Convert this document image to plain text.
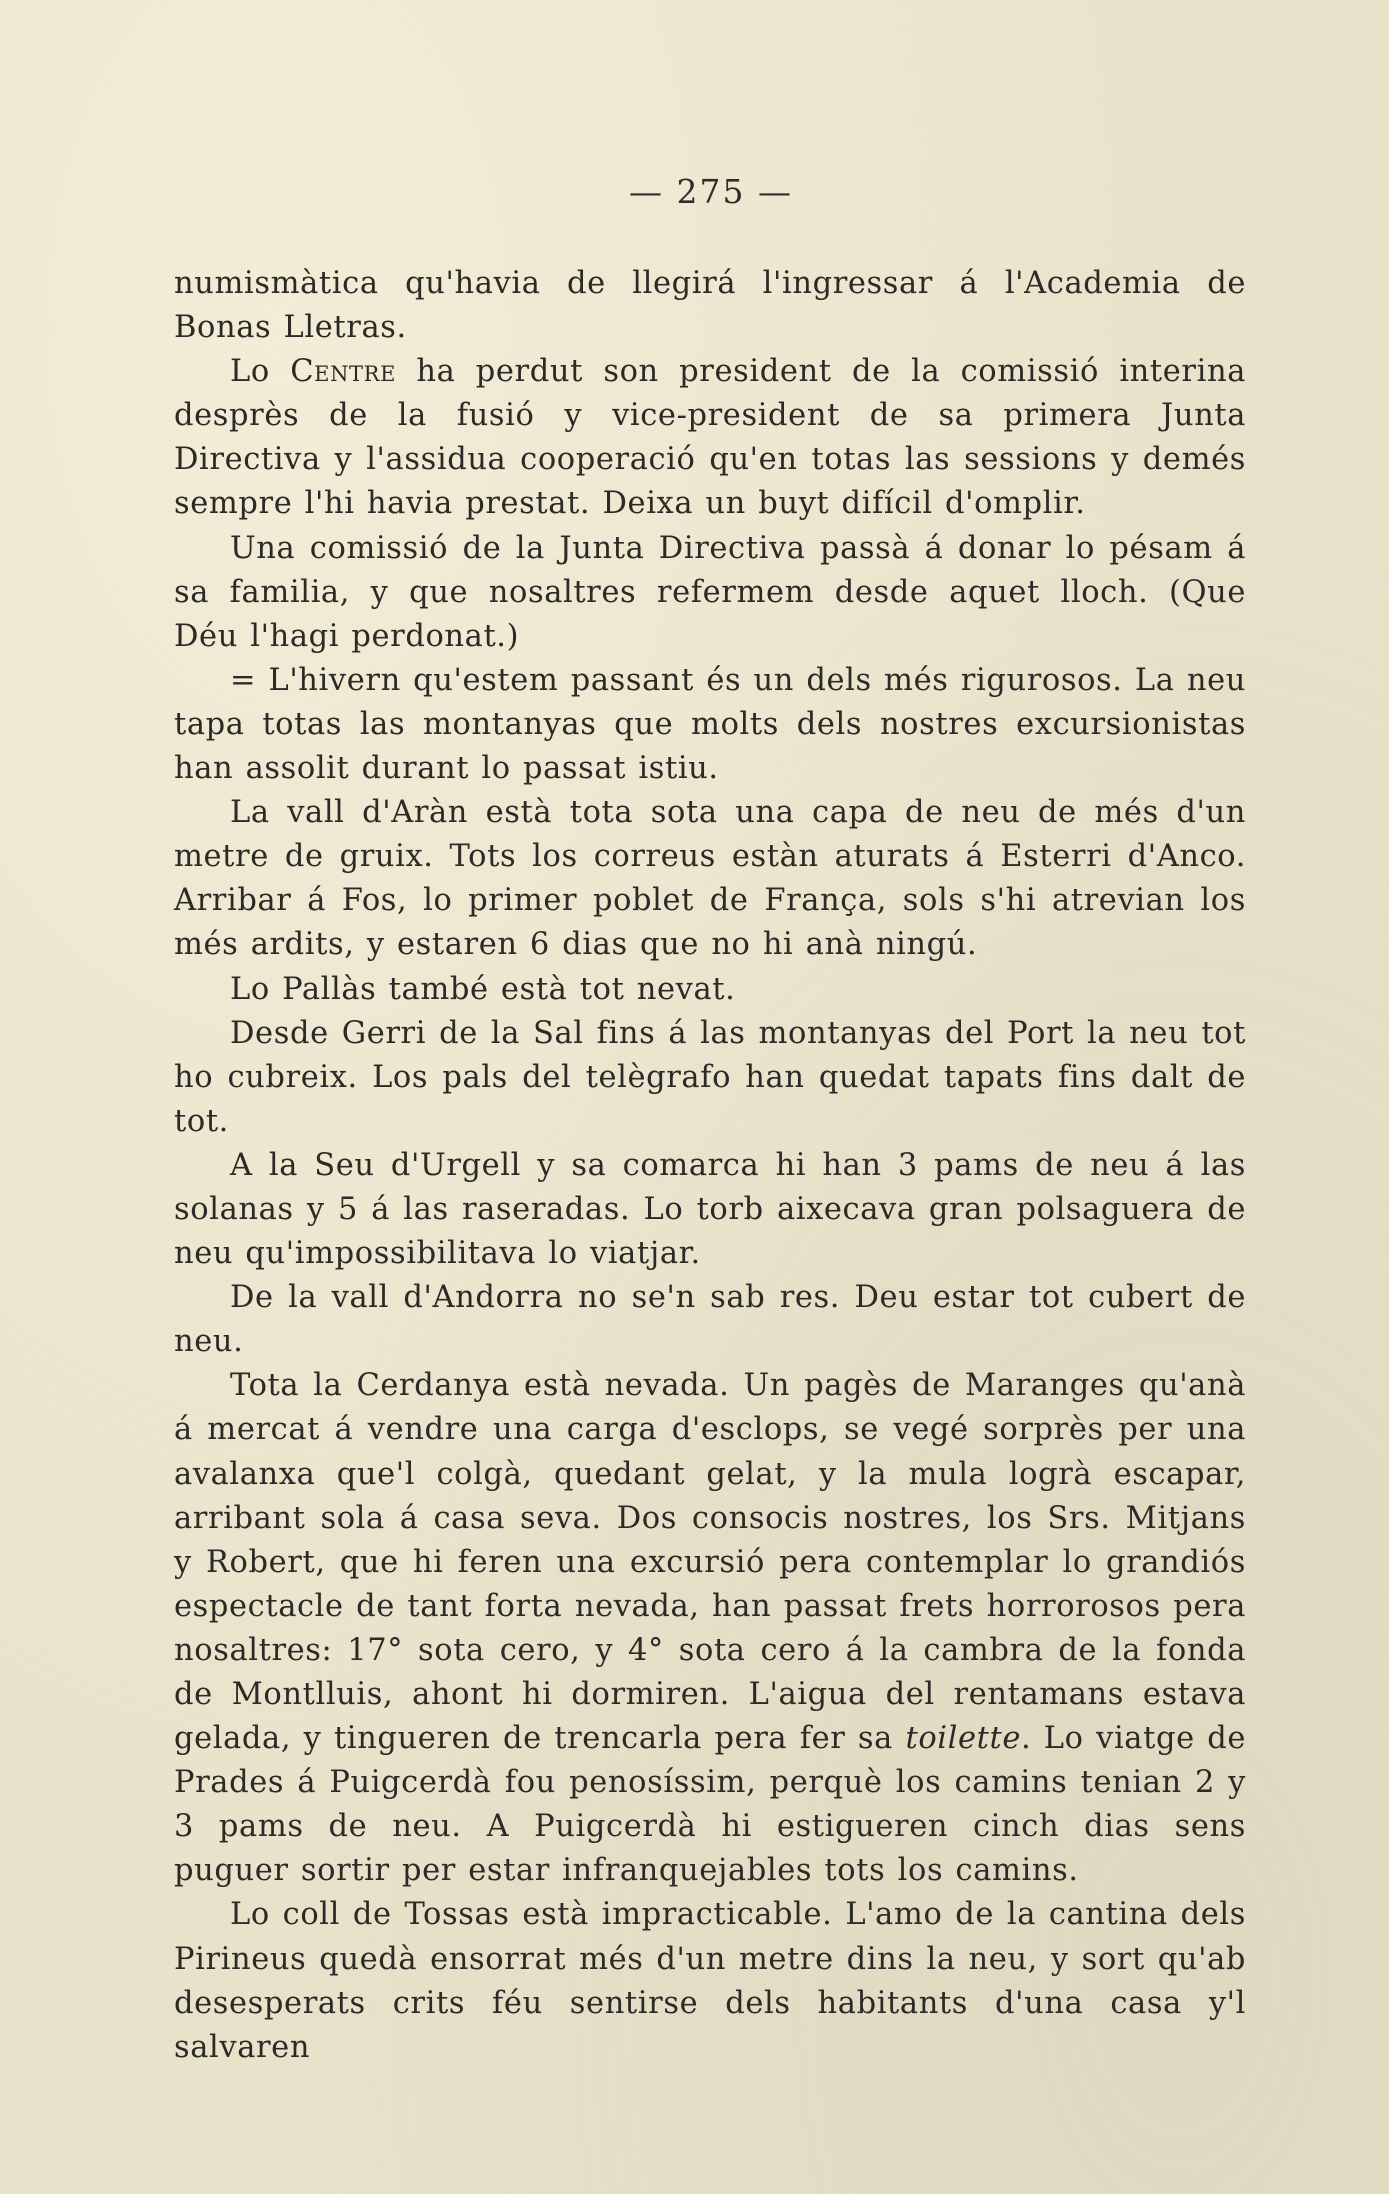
— 275 —

numismàtica qu'havia de llegirá l'ingressar á l'Academia de Bonas Lletras.

Lo Centre ha perdut son president de la comissió interina desprès de la fusió y vice-president de sa primera Junta Directiva y l'assidua cooperació qu'en totas las sessions y demés sempre l'hi havia prestat. Deixa un buyt difícil d'omplir.

Una comissió de la Junta Directiva passà á donar lo pésam á sa familia, y que nosaltres refermem desde aquet lloch. (Que Déu l'hagi perdonat.)

= L'hivern qu'estem passant és un dels més rigurosos. La neu tapa totas las montanyas que molts dels nostres excursionistas han assolit durant lo passat istiu.

La vall d'Aràn està tota sota una capa de neu de més d'un metre de gruix. Tots los correus estàn aturats á Esterri d'Anco. Arribar á Fos, lo primer poblet de França, sols s'hi atrevian los més ardits, y estaren 6 dias que no hi anà ningú.

Lo Pallàs també està tot nevat.

Desde Gerri de la Sal fins á las montanyas del Port la neu tot ho cubreix. Los pals del telègrafo han quedat tapats fins dalt de tot.

A la Seu d'Urgell y sa comarca hi han 3 pams de neu á las solanas y 5 á las raseradas. Lo torb aixecava gran polsaguera de neu qu'impossibilitava lo viatjar.

De la vall d'Andorra no se'n sab res. Deu estar tot cubert de neu.

Tota la Cerdanya està nevada. Un pagès de Maranges qu'anà á mercat á vendre una carga d'esclops, se vegé sorprès per una avalanxa que'l colgà, quedant gelat, y la mula logrà escapar, arribant sola á casa seva. Dos consocis nostres, los Srs. Mitjans y Robert, que hi feren una excursió pera contemplar lo grandiós espectacle de tant forta nevada, han passat frets horrorosos pera nosaltres: 17° sota cero, y 4° sota cero á la cambra de la fonda de Montlluis, ahont hi dormiren. L'aigua del rentamans estava gelada, y tingueren de trencarla pera fer sa toilette. Lo viatge de Prades á Puigcerdà fou penosíssim, perquè los camins tenian 2 y 3 pams de neu. A Puigcerdà hi estigueren cinch dias sens puguer sortir per estar infranquejables tots los camins.

Lo coll de Tossas està impracticable. L'amo de la cantina dels Pirineus quedà ensorrat més d'un metre dins la neu, y sort qu'ab desesperats crits féu sentirse dels habitants d'una casa y'l salvaren
